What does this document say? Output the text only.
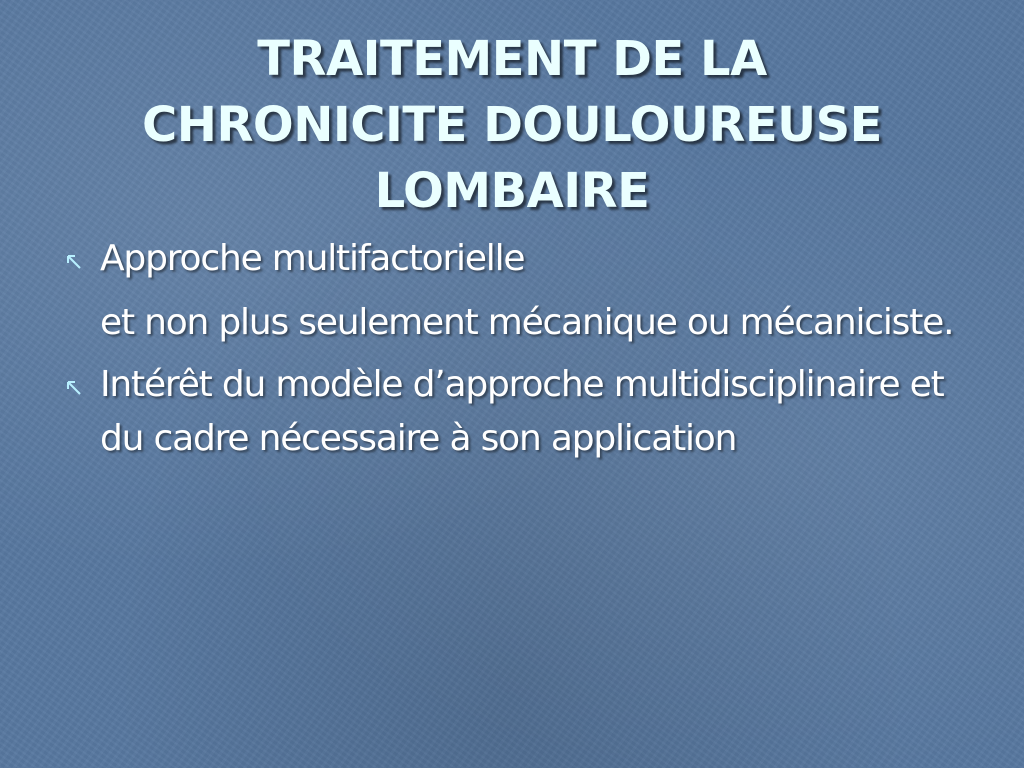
TRAITEMENT DE LA
CHRONICITE DOULOUREUSE
LOMBAIRE
Approche multifactorielle
et non plus seulement mécanique ou mécaniciste.
Intérêt du modèle d’approche multidisciplinaire et du cadre nécessaire à son application
